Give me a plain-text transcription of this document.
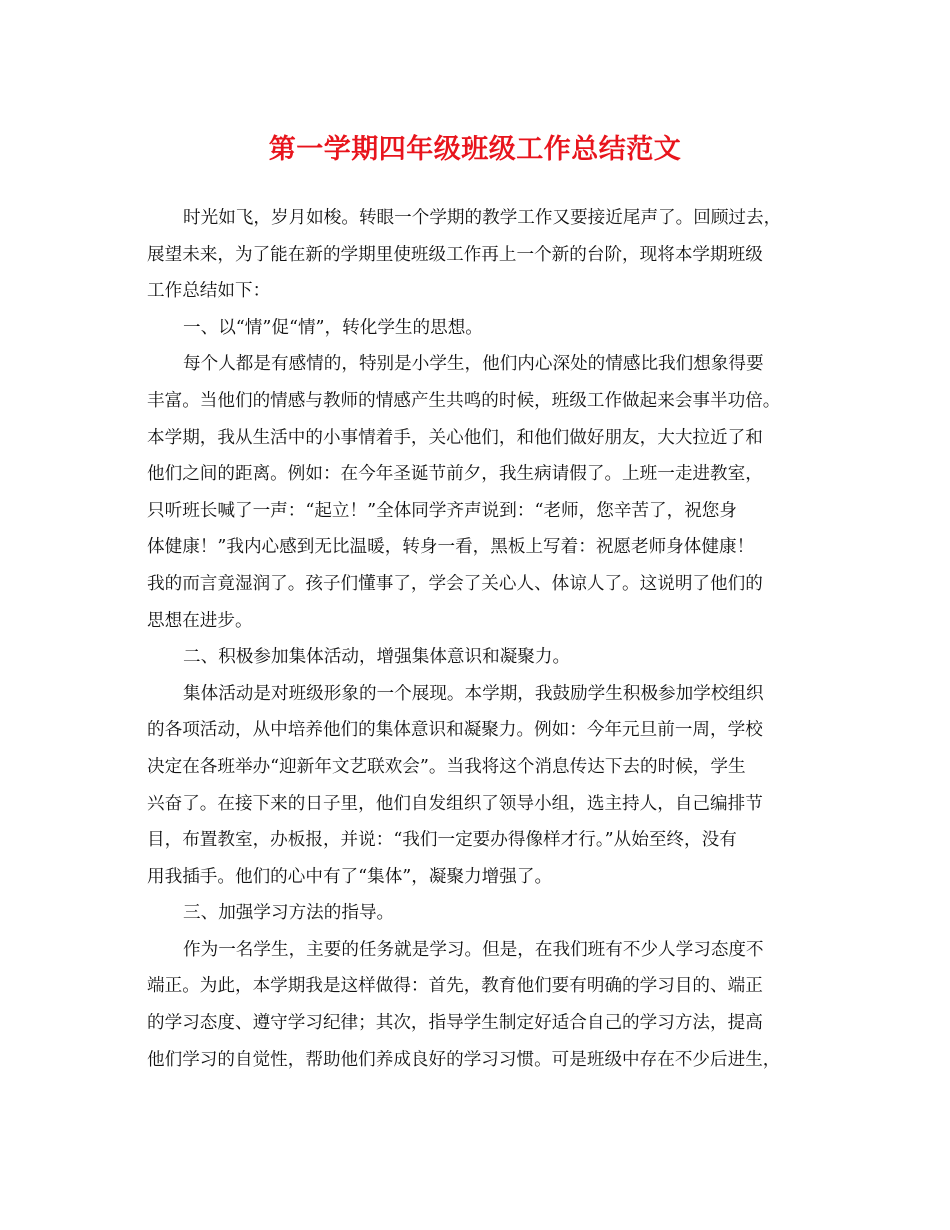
第一学期四年级班级工作总结范文
时光如飞，岁月如梭。转眼一个学期的教学工作又要接近尾声了。回顾过去，
展望未来，为了能在新的学期里使班级工作再上一个新的台阶，现将本学期班级
工作总结如下：
一、以“情”促“情”，转化学生的思想。
每个人都是有感情的，特别是小学生，他们内心深处的情感比我们想象得要
丰富。当他们的情感与教师的情感产生共鸣的时候，班级工作做起来会事半功倍。
本学期，我从生活中的小事情着手，关心他们，和他们做好朋友，大大拉近了和
他们之间的距离。例如：在今年圣诞节前夕，我生病请假了。上班一走进教室，
只听班长喊了一声：“起立！”全体同学齐声说到：“老师，您辛苦了，祝您身
体健康！”我内心感到无比温暖，转身一看，黑板上写着：祝愿老师身体健康！
我的而言竟湿润了。孩子们懂事了，学会了关心人、体谅人了。这说明了他们的
思想在进步。
二、积极参加集体活动，增强集体意识和凝聚力。
集体活动是对班级形象的一个展现。本学期，我鼓励学生积极参加学校组织
的各项活动，从中培养他们的集体意识和凝聚力。例如：今年元旦前一周，学校
决定在各班举办“迎新年文艺联欢会”。当我将这个消息传达下去的时候，学生
兴奋了。在接下来的日子里，他们自发组织了领导小组，选主持人，自己编排节
目，布置教室，办板报，并说：“我们一定要办得像样才行。”从始至终，没有
用我插手。他们的心中有了“集体”，凝聚力增强了。
三、加强学习方法的指导。
作为一名学生，主要的任务就是学习。但是，在我们班有不少人学习态度不
端正。为此，本学期我是这样做得：首先，教育他们要有明确的学习目的、端正
的学习态度、遵守学习纪律；其次，指导学生制定好适合自己的学习方法，提高
他们学习的自觉性，帮助他们养成良好的学习习惯。可是班级中存在不少后进生，
